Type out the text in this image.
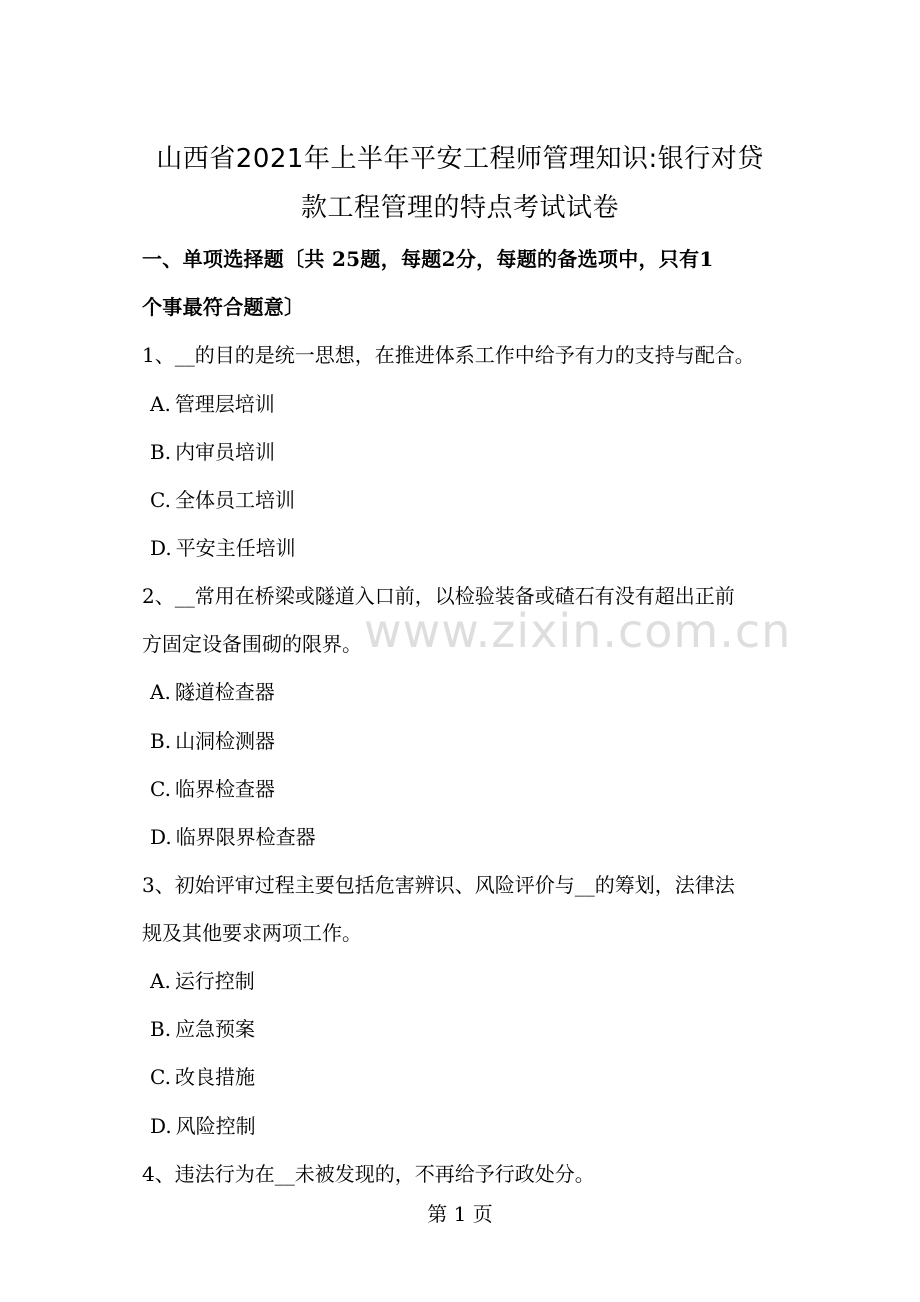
山西省2021年上半年平安工程师管理知识:银行对贷
款工程管理的特点考试试卷
一、单项选择题〔共 25题，每题2分，每题的备选项中，只有1
个事最符合题意〕
1、__的目的是统一思想，在推进体系工作中给予有力的支持与配合。
A. 管理层培训
B. 内审员培训
C. 全体员工培训
D. 平安主任培训
2、__常用在桥梁或隧道入口前，以检验装备或碴石有没有超出正前
方固定设备围砌的限界。
A. 隧道检查器
B. 山洞检测器
C. 临界检查器
D. 临界限界检查器
3、初始评审过程主要包括危害辨识、风险评价与__的筹划，法律法
规及其他要求两项工作。
A. 运行控制
B. 应急预案
C. 改良措施
D. 风险控制
4、违法行为在__未被发现的，不再给予行政处分。
www.zixin.com.cn
第 1 页
